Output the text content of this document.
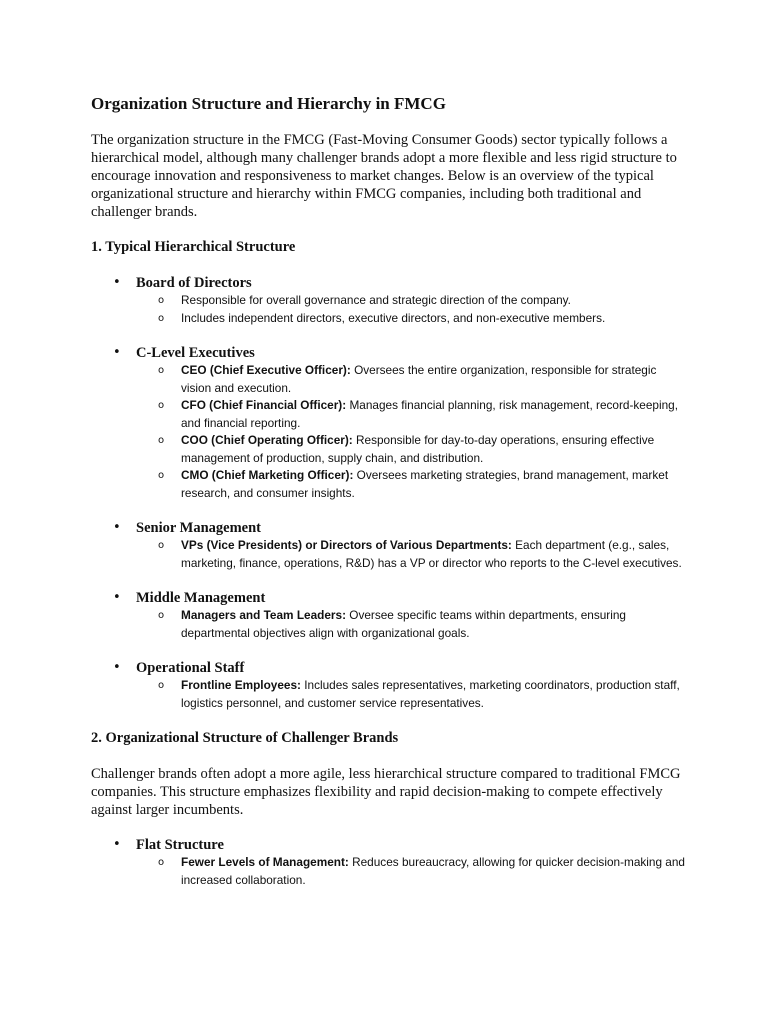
Organization Structure and Hierarchy in FMCG

The organization structure in the FMCG (Fast-Moving Consumer Goods) sector typically follows a hierarchical model, although many challenger brands adopt a more flexible and less rigid structure to encourage innovation and responsiveness to market changes. Below is an overview of the typical organizational structure and hierarchy within FMCG companies, including both traditional and challenger brands.

1. Typical Hierarchical Structure
• Board of Directors
o Responsible for overall governance and strategic direction of the company.
o Includes independent directors, executive directors, and non-executive members.
• C-Level Executives
o CEO (Chief Executive Officer): Oversees the entire organization, responsible for strategic vision and execution.
o CFO (Chief Financial Officer): Manages financial planning, risk management, record-keeping, and financial reporting.
o COO (Chief Operating Officer): Responsible for day-to-day operations, ensuring effective management of production, supply chain, and distribution.
o CMO (Chief Marketing Officer): Oversees marketing strategies, brand management, market research, and consumer insights.
• Senior Management
o VPs (Vice Presidents) or Directors of Various Departments: Each department (e.g., sales, marketing, finance, operations, R&D) has a VP or director who reports to the C-level executives.
• Middle Management
o Managers and Team Leaders: Oversee specific teams within departments, ensuring departmental objectives align with organizational goals.
• Operational Staff
o Frontline Employees: Includes sales representatives, marketing coordinators, production staff, logistics personnel, and customer service representatives.
2. Organizational Structure of Challenger Brands

Challenger brands often adopt a more agile, less hierarchical structure compared to traditional FMCG companies. This structure emphasizes flexibility and rapid decision-making to compete effectively against larger incumbents.

• Flat Structure
o Fewer Levels of Management: Reduces bureaucracy, allowing for quicker decision-making and increased collaboration.
